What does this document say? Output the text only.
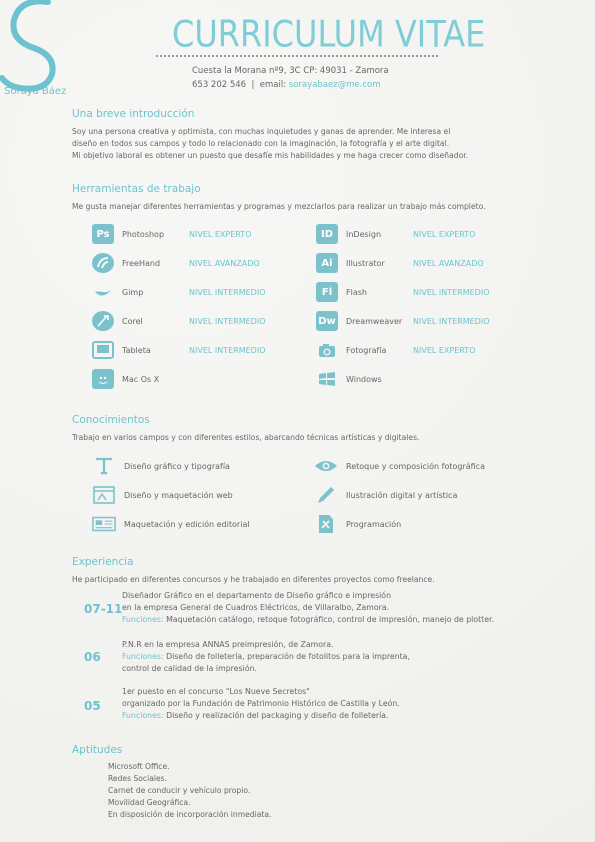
Soraya Báez
CURRICULUM VITAE
Cuesta la Morana nº9, 3C CP: 49031 - Zamora
653 202 546 | email: sorayabaez@me.com
Una breve introducción
Soy una persona creativa y optimista, con muchas inquietudes y ganas de aprender. Me interesa el
diseño en todos sus campos y todo lo relacionado con la imaginación, la fotografía y el arte digital.
Mi objetivo laboral es obtener un puesto que desafíe mis habilidades y me haga crecer como diseñador.
Herramientas de trabajo
Me gusta manejar diferentes herramientas y programas y mezclarlos para realizar un trabajo más completo.
Ps	Photoshop	NIVEL EXPERTO
FreeHand	NIVEL AVANZADO
Gimp	NIVEL INTERMEDIO
Corel	NIVEL INTERMEDIO
Tableta	NIVEL INTERMEDIO
Mac Os X
ID	InDesign	NIVEL EXPERTO
Ai	Illustrator	NIVEL AVANZADO
Fl	Flash	NIVEL INTERMEDIO
Dw Dreamweaver	NIVEL INTERMEDIO
Fotografía	NIVEL EXPERTO
Windows
Conocimientos
Trabajo en varios campos y con diferentes estilos, abarcando técnicas artísticas y digitales.
Diseño gráfico y tipografía
Diseño y maquetación web
Maquetación y edición editorial
Retoque y composición fotográfica
Ilustración digital y artística
Programación
Experiencia
He participado en diferentes concursos y he trabajado en diferentes proyectos como freelance.
07-11
Diseñador Gráfico en el departamento de Diseño gráfico e impresión
en la empresa General de Cuadros Eléctricos, de Villaralbo, Zamora.
Funciones: Maquetación catálogo, retoque fotográfico, control de impresión, manejo de plotter.
06
P.N.R en la empresa ANNAS preimpresión, de Zamora.
Funciones: Diseño de folletería, preparación de fotolitos para la imprenta,
control de calidad de la impresión.
05
1er puesto en el concurso "Los Nueve Secretos"
organizado por la Fundación de Patrimonio Histórico de Castilla y León.
Funciones: Diseño y realización del packaging y diseño de folletería.
Aptitudes
Microsoft Office.
Redes Sociales.
Carnet de conducir y vehículo propio.
Movilidad Geográfica.
En disposición de incorporación inmediata.
